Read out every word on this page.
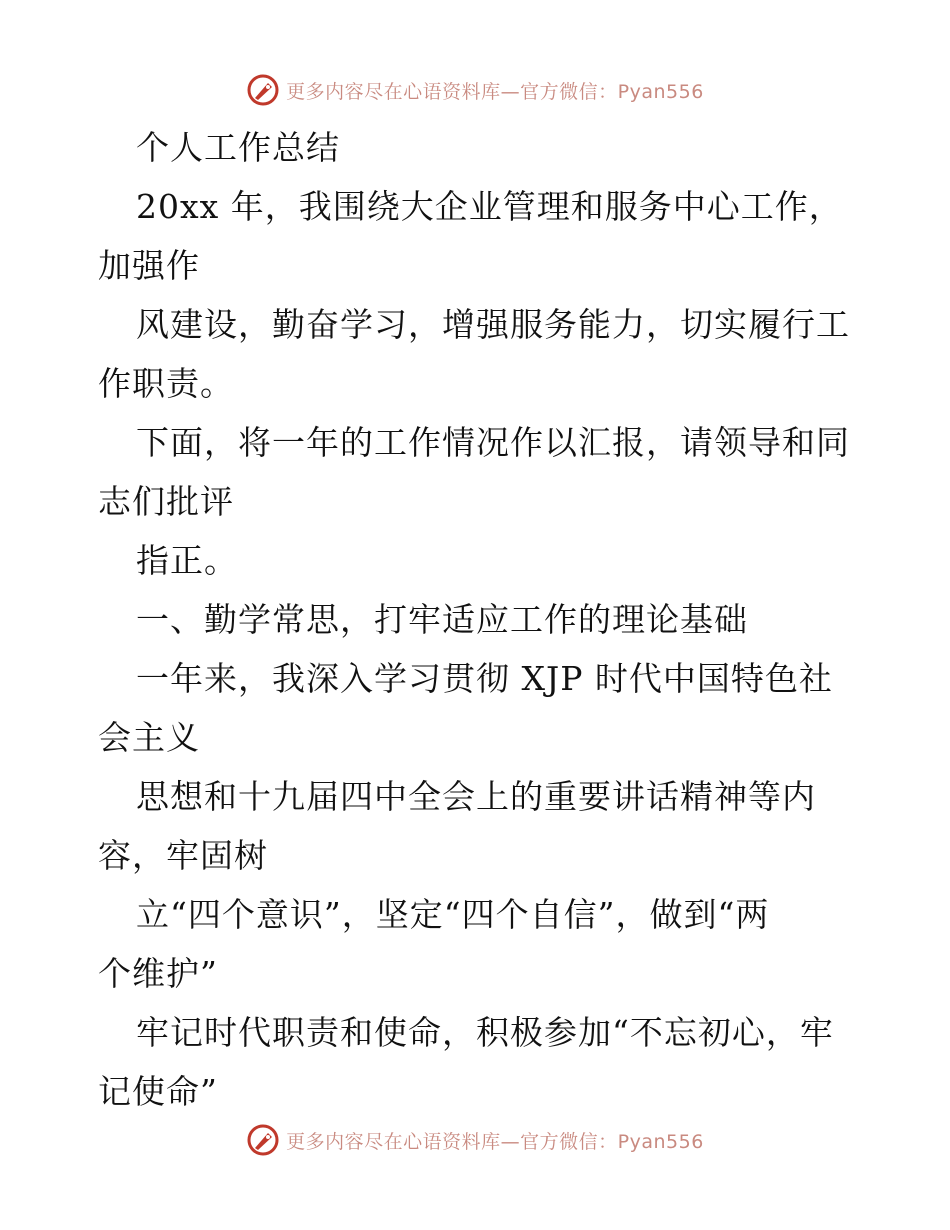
更多内容尽在心语资料库—官方微信：Pyan556
个人工作总结
20xx 年，我围绕大企业管理和服务中心工作，
加强作
风建设，勤奋学习，增强服务能力，切实履行工
作职责。
下面，将一年的工作情况作以汇报，请领导和同
志们批评
指正。
一、勤学常思，打牢适应工作的理论基础
一年来，我深入学习贯彻 XJP 时代中国特色社
会主义
思想和十九届四中全会上的重要讲话精神等内
容，牢固树
立“四个意识”，坚定“四个自信”，做到“两
个维护”
牢记时代职责和使命，积极参加“不忘初心，牢
记使命”
更多内容尽在心语资料库—官方微信：Pyan556
